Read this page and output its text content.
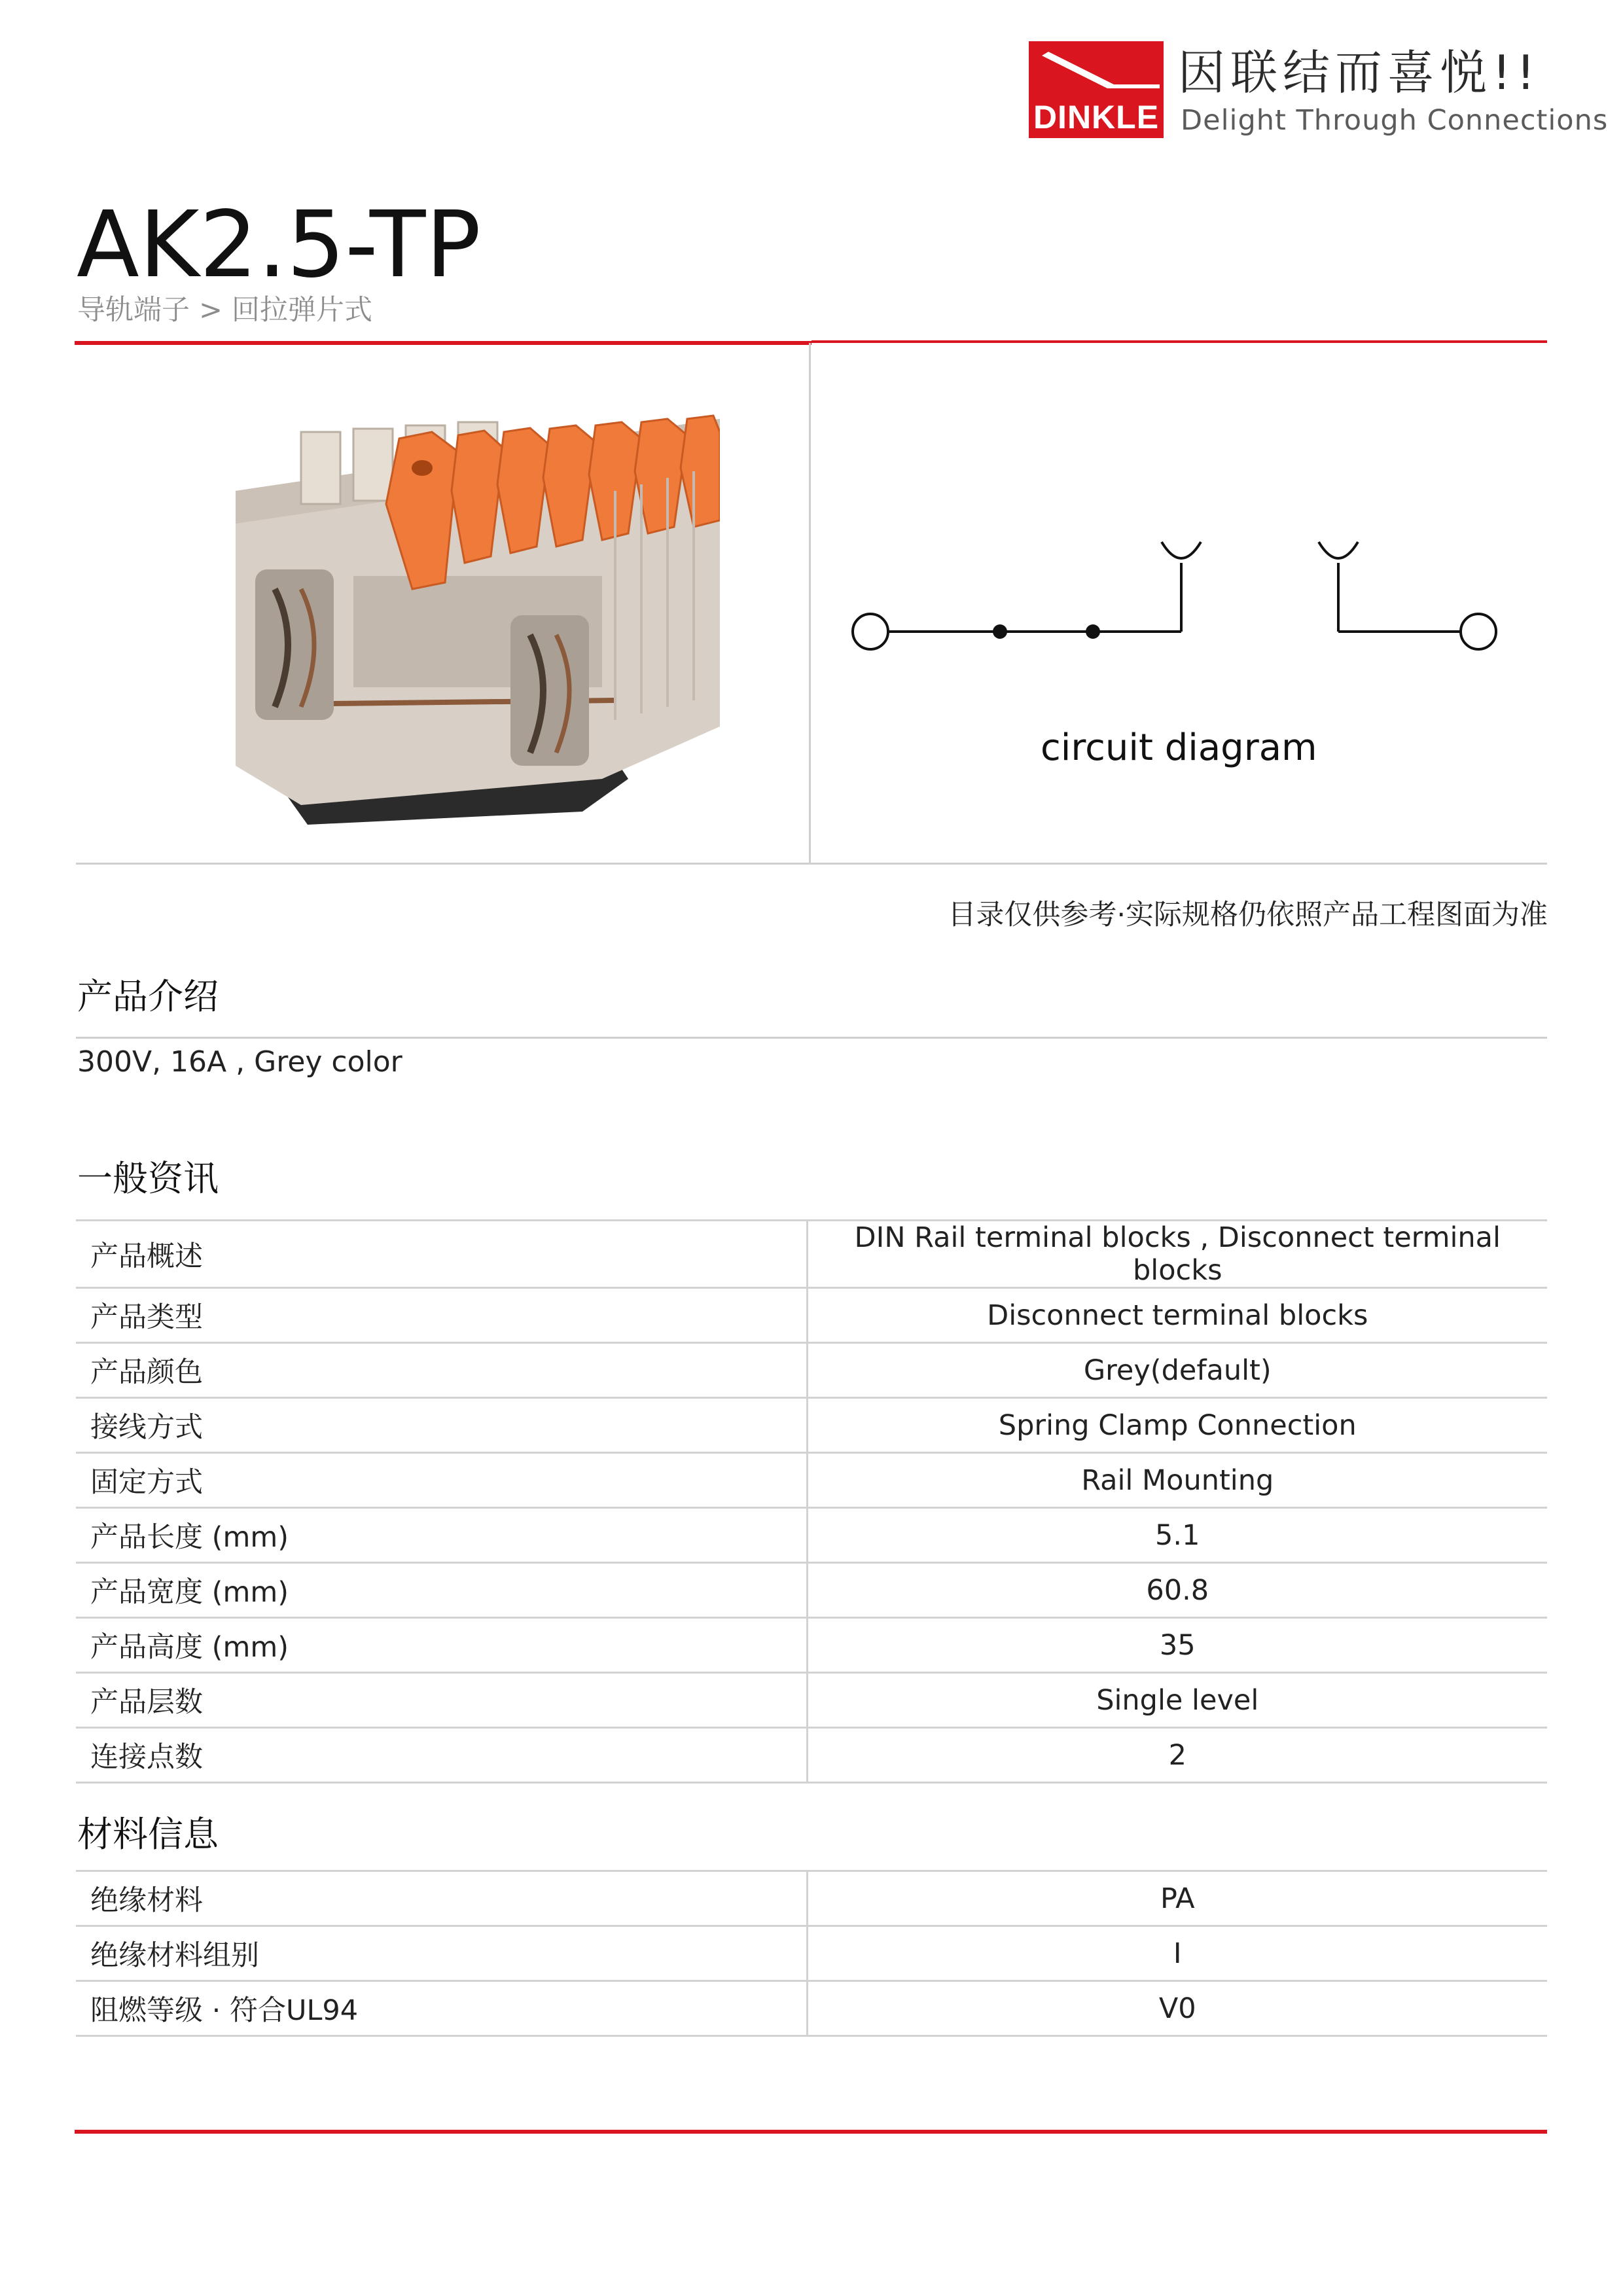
DINKLE
因联结而喜悦!!
Delight Through Connections
AK2.5-TP
导轨端子 > 回拉弹片式
circuit diagram
目录仅供参考·实际规格仍依照产品工程图面为准
产品介绍
300V, 16A , Grey color
一般资讯
产品概述	DIN Rail terminal blocks , Disconnect terminal blocks
产品类型	Disconnect terminal blocks
产品颜色	Grey(default)
接线方式	Spring Clamp Connection
固定方式	Rail Mounting
产品长度 (mm)	5.1
产品宽度 (mm)	60.8
产品高度 (mm)	35
产品层数	Single level
连接点数	2
材料信息
绝缘材料	PA
绝缘材料组别	I
阻燃等级 · 符合UL94	V0
